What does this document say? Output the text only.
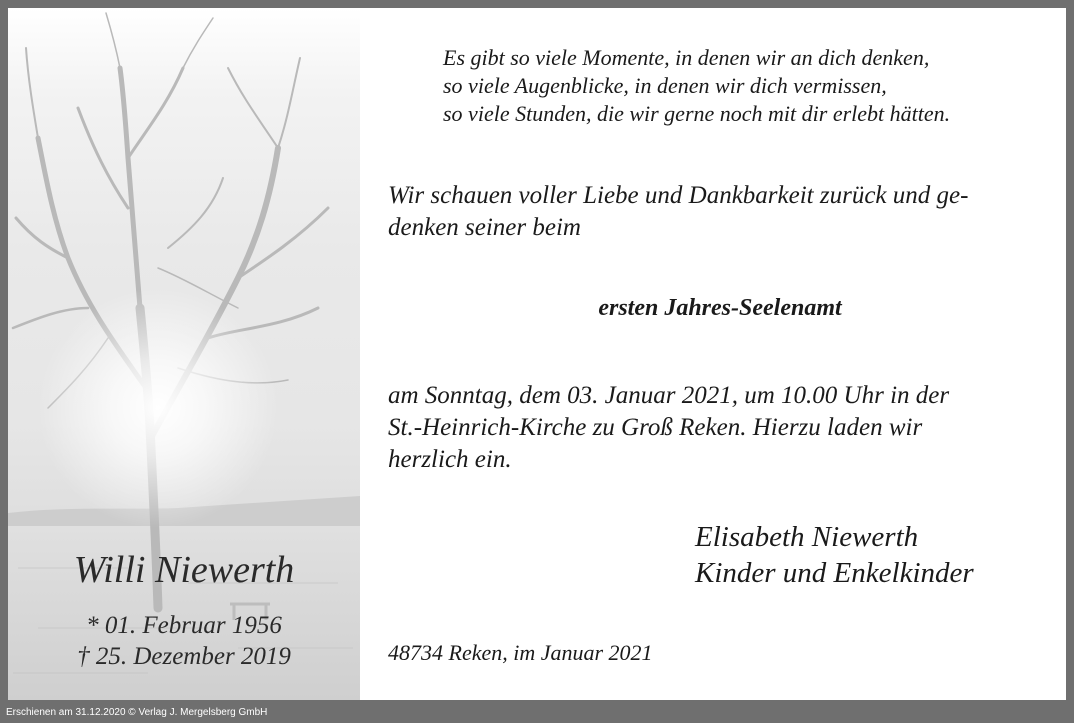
Willi Niewerth
* 01. Februar 1956
† 25. Dezember 2019
Es gibt so viele Momente, in denen wir an dich denken,
so viele Augenblicke, in denen wir dich vermissen,
so viele Stunden, die wir gerne noch mit dir erlebt hätten.
Wir schauen voller Liebe und Dankbarkeit zurück und ge-
denken seiner beim
ersten Jahres-Seelenamt
am Sonntag, dem 03. Januar 2021, um 10.00 Uhr in der
St.-Heinrich-Kirche zu Groß Reken. Hierzu laden wir
herzlich ein.
Elisabeth Niewerth
Kinder und Enkelkinder
48734 Reken, im Januar 2021
Erschienen am 31.12.2020 © Verlag J. Mergelsberg GmbH
